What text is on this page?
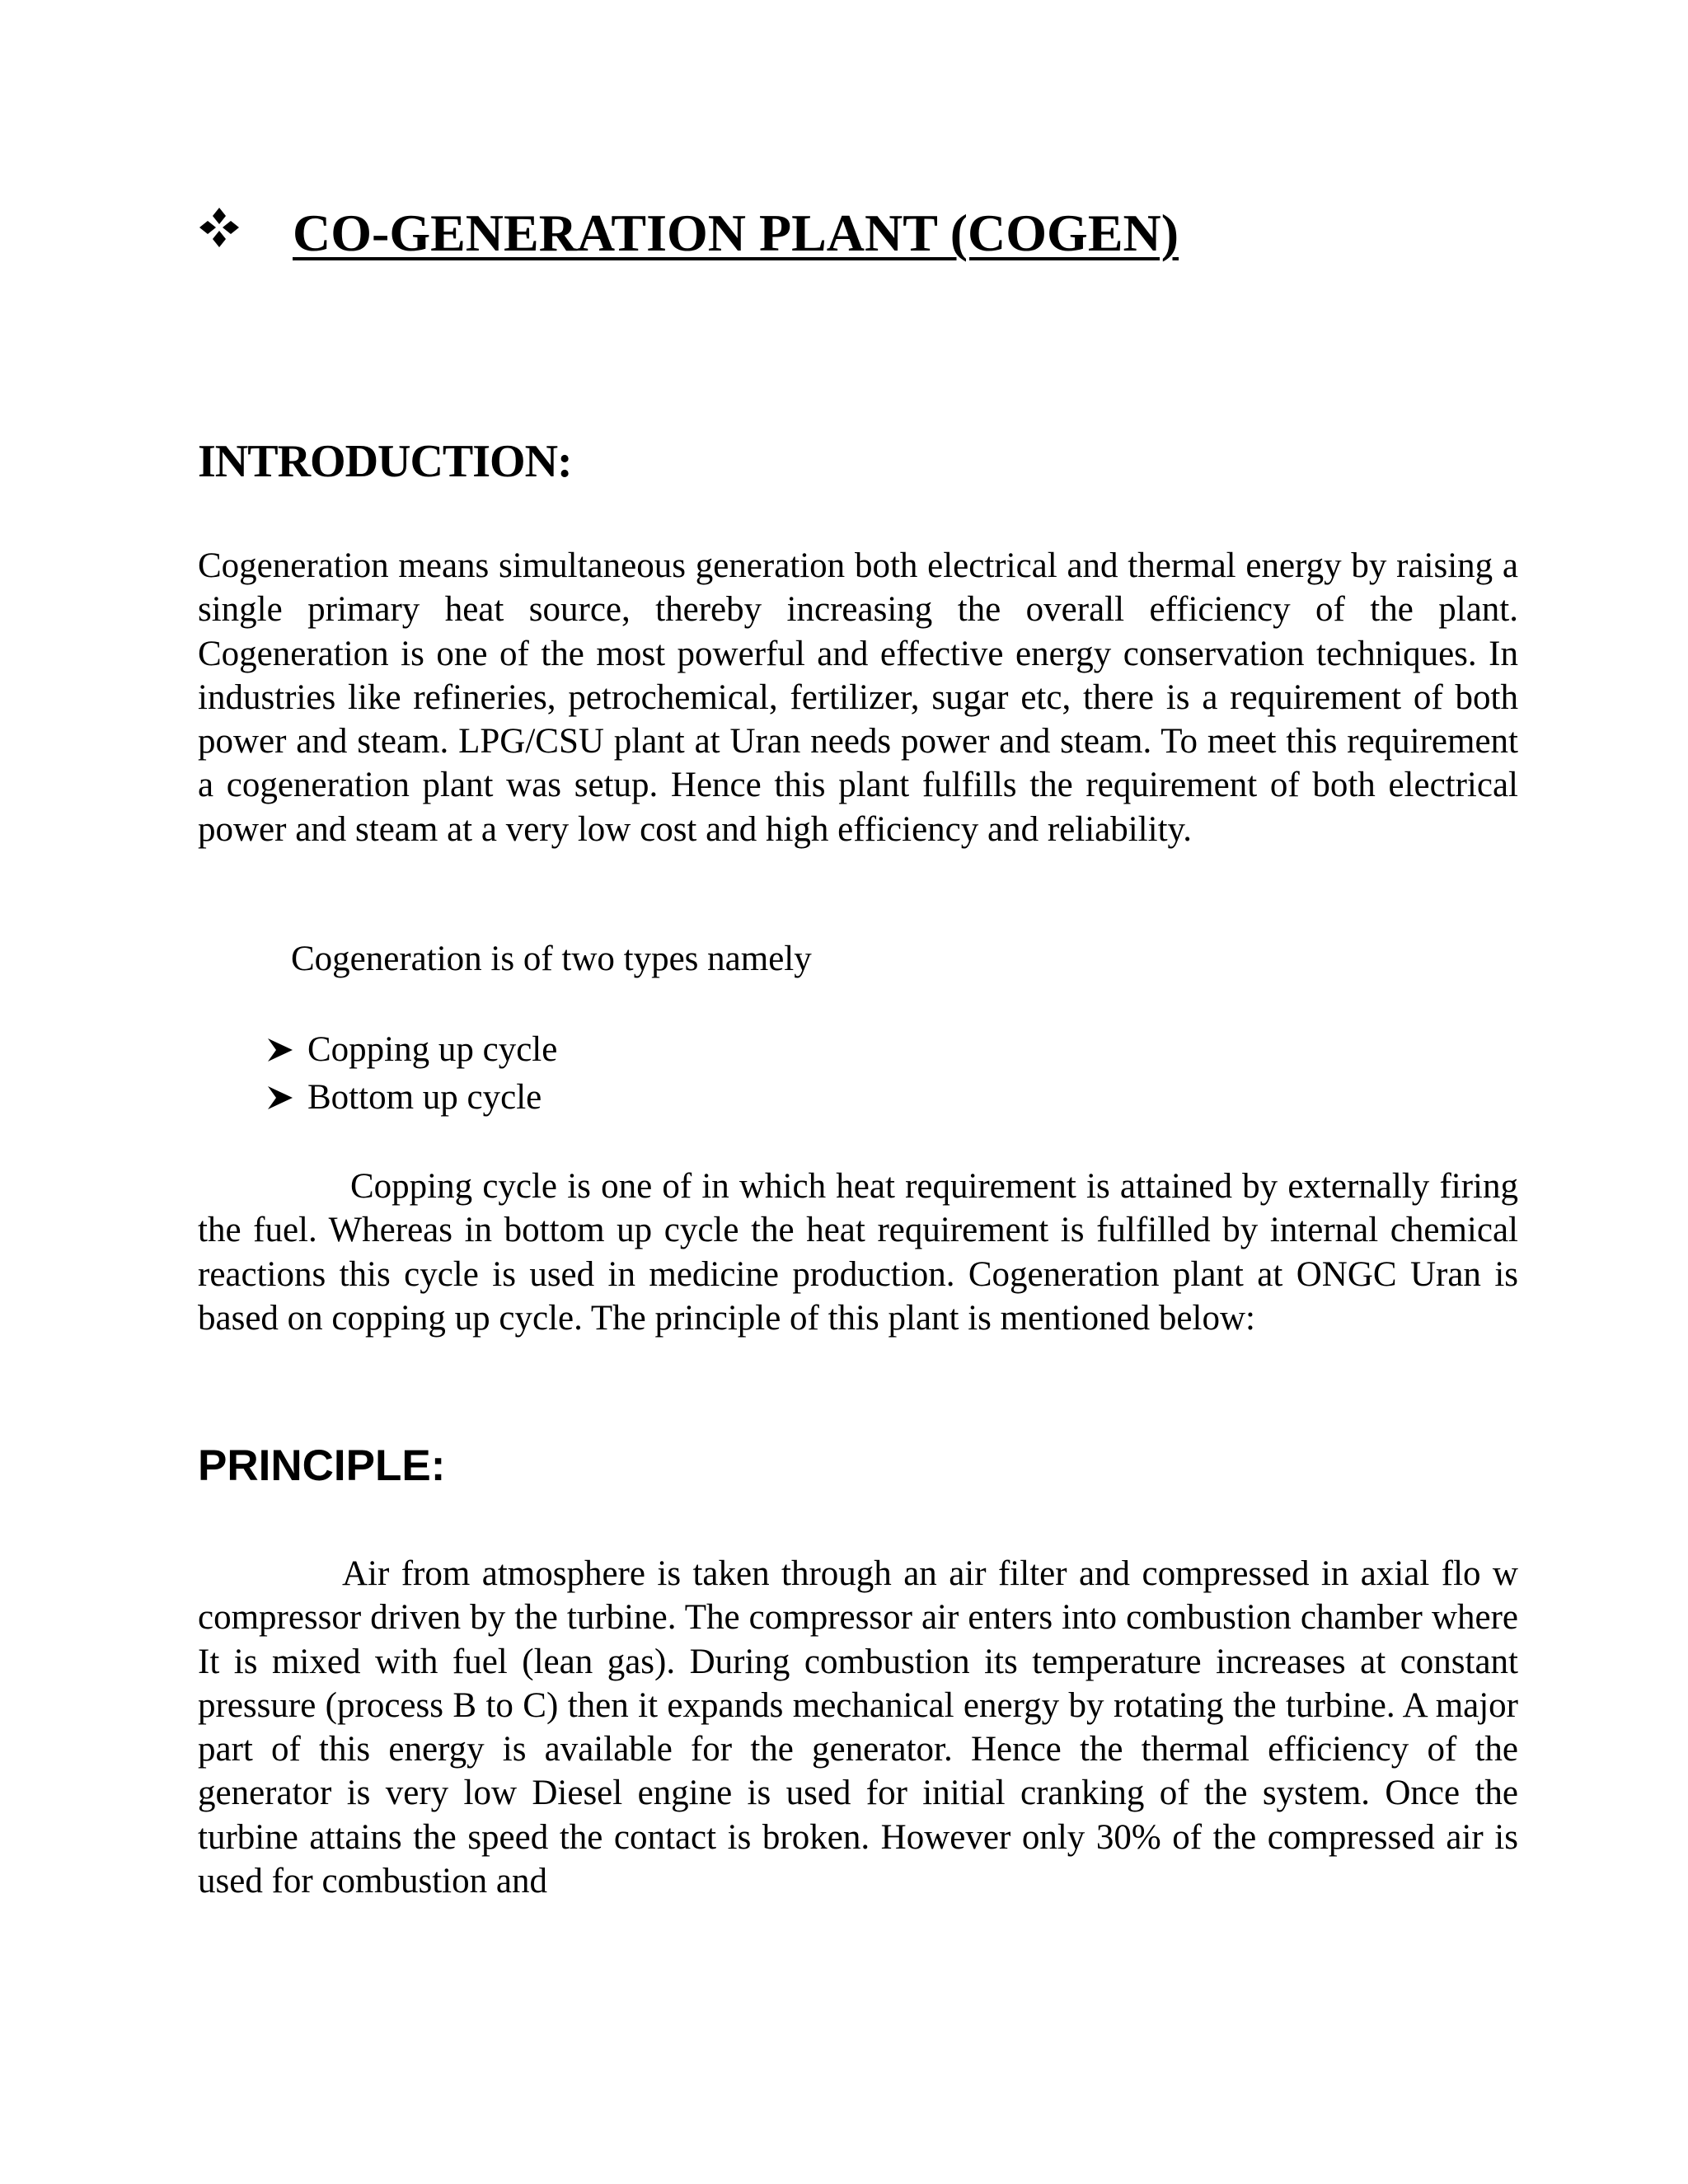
CO-GENERATION PLANT (COGEN)
INTRODUCTION:

Cogeneration means simultaneous generation both electrical and thermal energy by raising a single primary heat source, thereby increasing the overall efficiency of the plant. Cogeneration is one of the most powerful and effective energy conservation techniques. In industries like refineries, petrochemical, fertilizer, sugar etc, there is a requirement of both power and steam. LPG/CSU plant at Uran needs power and steam. To meet this requirement a cogeneration plant was setup. Hence this plant fulfills the requirement of both electrical power and steam at a very low cost and high efficiency and reliability.

Cogeneration is of two types namely
Copping up cycle
Bottom up cycle

Copping cycle is one of in which heat requirement is attained by externally firing the fuel. Whereas in bottom up cycle the heat requirement is fulfilled by internal chemical reactions this cycle is used in medicine production. Cogeneration plant at ONGC Uran is based on copping up cycle. The principle of this plant is mentioned below:

PRINCIPLE:

Air from atmosphere is taken through an air filter and compressed in axial flo w compressor driven by the turbine. The compressor air enters into combustion chamber where It is mixed with fuel (lean gas). During combustion its temperature increases at constant pressure (process B to C) then it expands mechanical energy by rotating the turbine. A major part of this energy is available for the generator. Hence the thermal efficiency of the generator is very low Diesel engine is used for initial cranking of the system. Once the turbine attains the speed the contact is broken. However only 30% of the compressed air is used for combustion and
